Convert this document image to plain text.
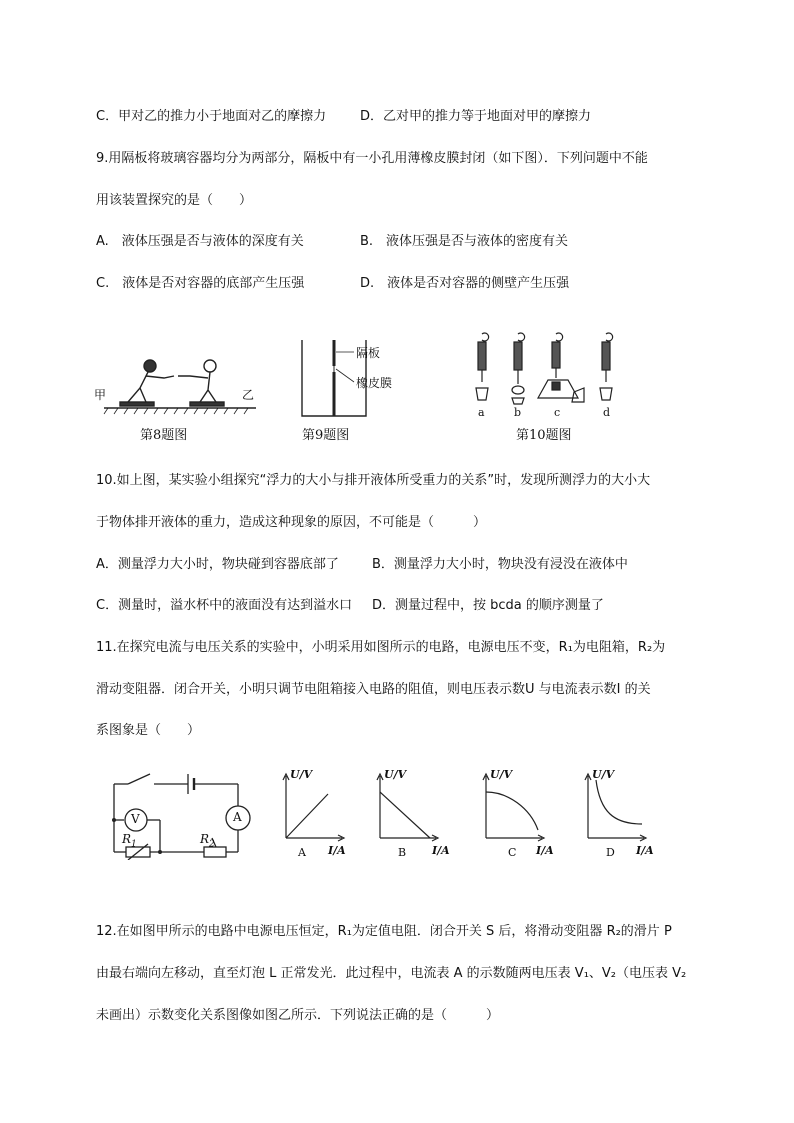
C．甲对乙的推力小于地面对乙的摩擦力	D．乙对甲的推力等于地面对甲的摩擦力
9.用隔板将玻璃容器均分为两部分，隔板中有一小孔用薄橡皮膜封闭（如下图）．下列问题中不能
用该装置探究的是（　　）
A.　液体压强是否与液体的深度有关	B.　液体压强是否与液体的密度有关
C.　液体是否对容器的底部产生压强	D.　液体是否对容器的侧壁产生压强
甲	乙
第8题图
隔板
橡皮膜
第9题图
a	b	c	d
第10题图
10.如上图，某实验小组探究“浮力的大小与排开液体所受重力的关系”时，发现所测浮力的大小大
于物体排开液体的重力，造成这种现象的原因，不可能是（　　　）
A．测量浮力大小时，物块碰到容器底部了	B．测量浮力大小时，物块没有浸没在液体中
C．测量时，溢水杯中的液面没有达到溢水口 D．测量过程中，按 bcda 的顺序测量了
11.在探究电流与电压关系的实验中，小明采用如图所示的电路，电源电压不变，R₁为电阻箱，R₂为
滑动变阻器．闭合开关，小明只调节电阻箱接入电路的阻值，则电压表示数U 与电流表示数I 的关
系图象是（　　）
V	A
$R_1$	$R_2$
U/V
I/A
A
U/V
I/A
B
U/V
I/A
C
U/V
I/A
D
12.在如图甲所示的电路中电源电压恒定，R₁为定值电阻．闭合开关 S 后，将滑动变阻器 R₂的滑片 P
由最右端向左移动，直至灯泡 L 正常发光．此过程中，电流表 A 的示数随两电压表 V₁、V₂（电压表 V₂
未画出）示数变化关系图像如图乙所示．下列说法正确的是（　　　）
